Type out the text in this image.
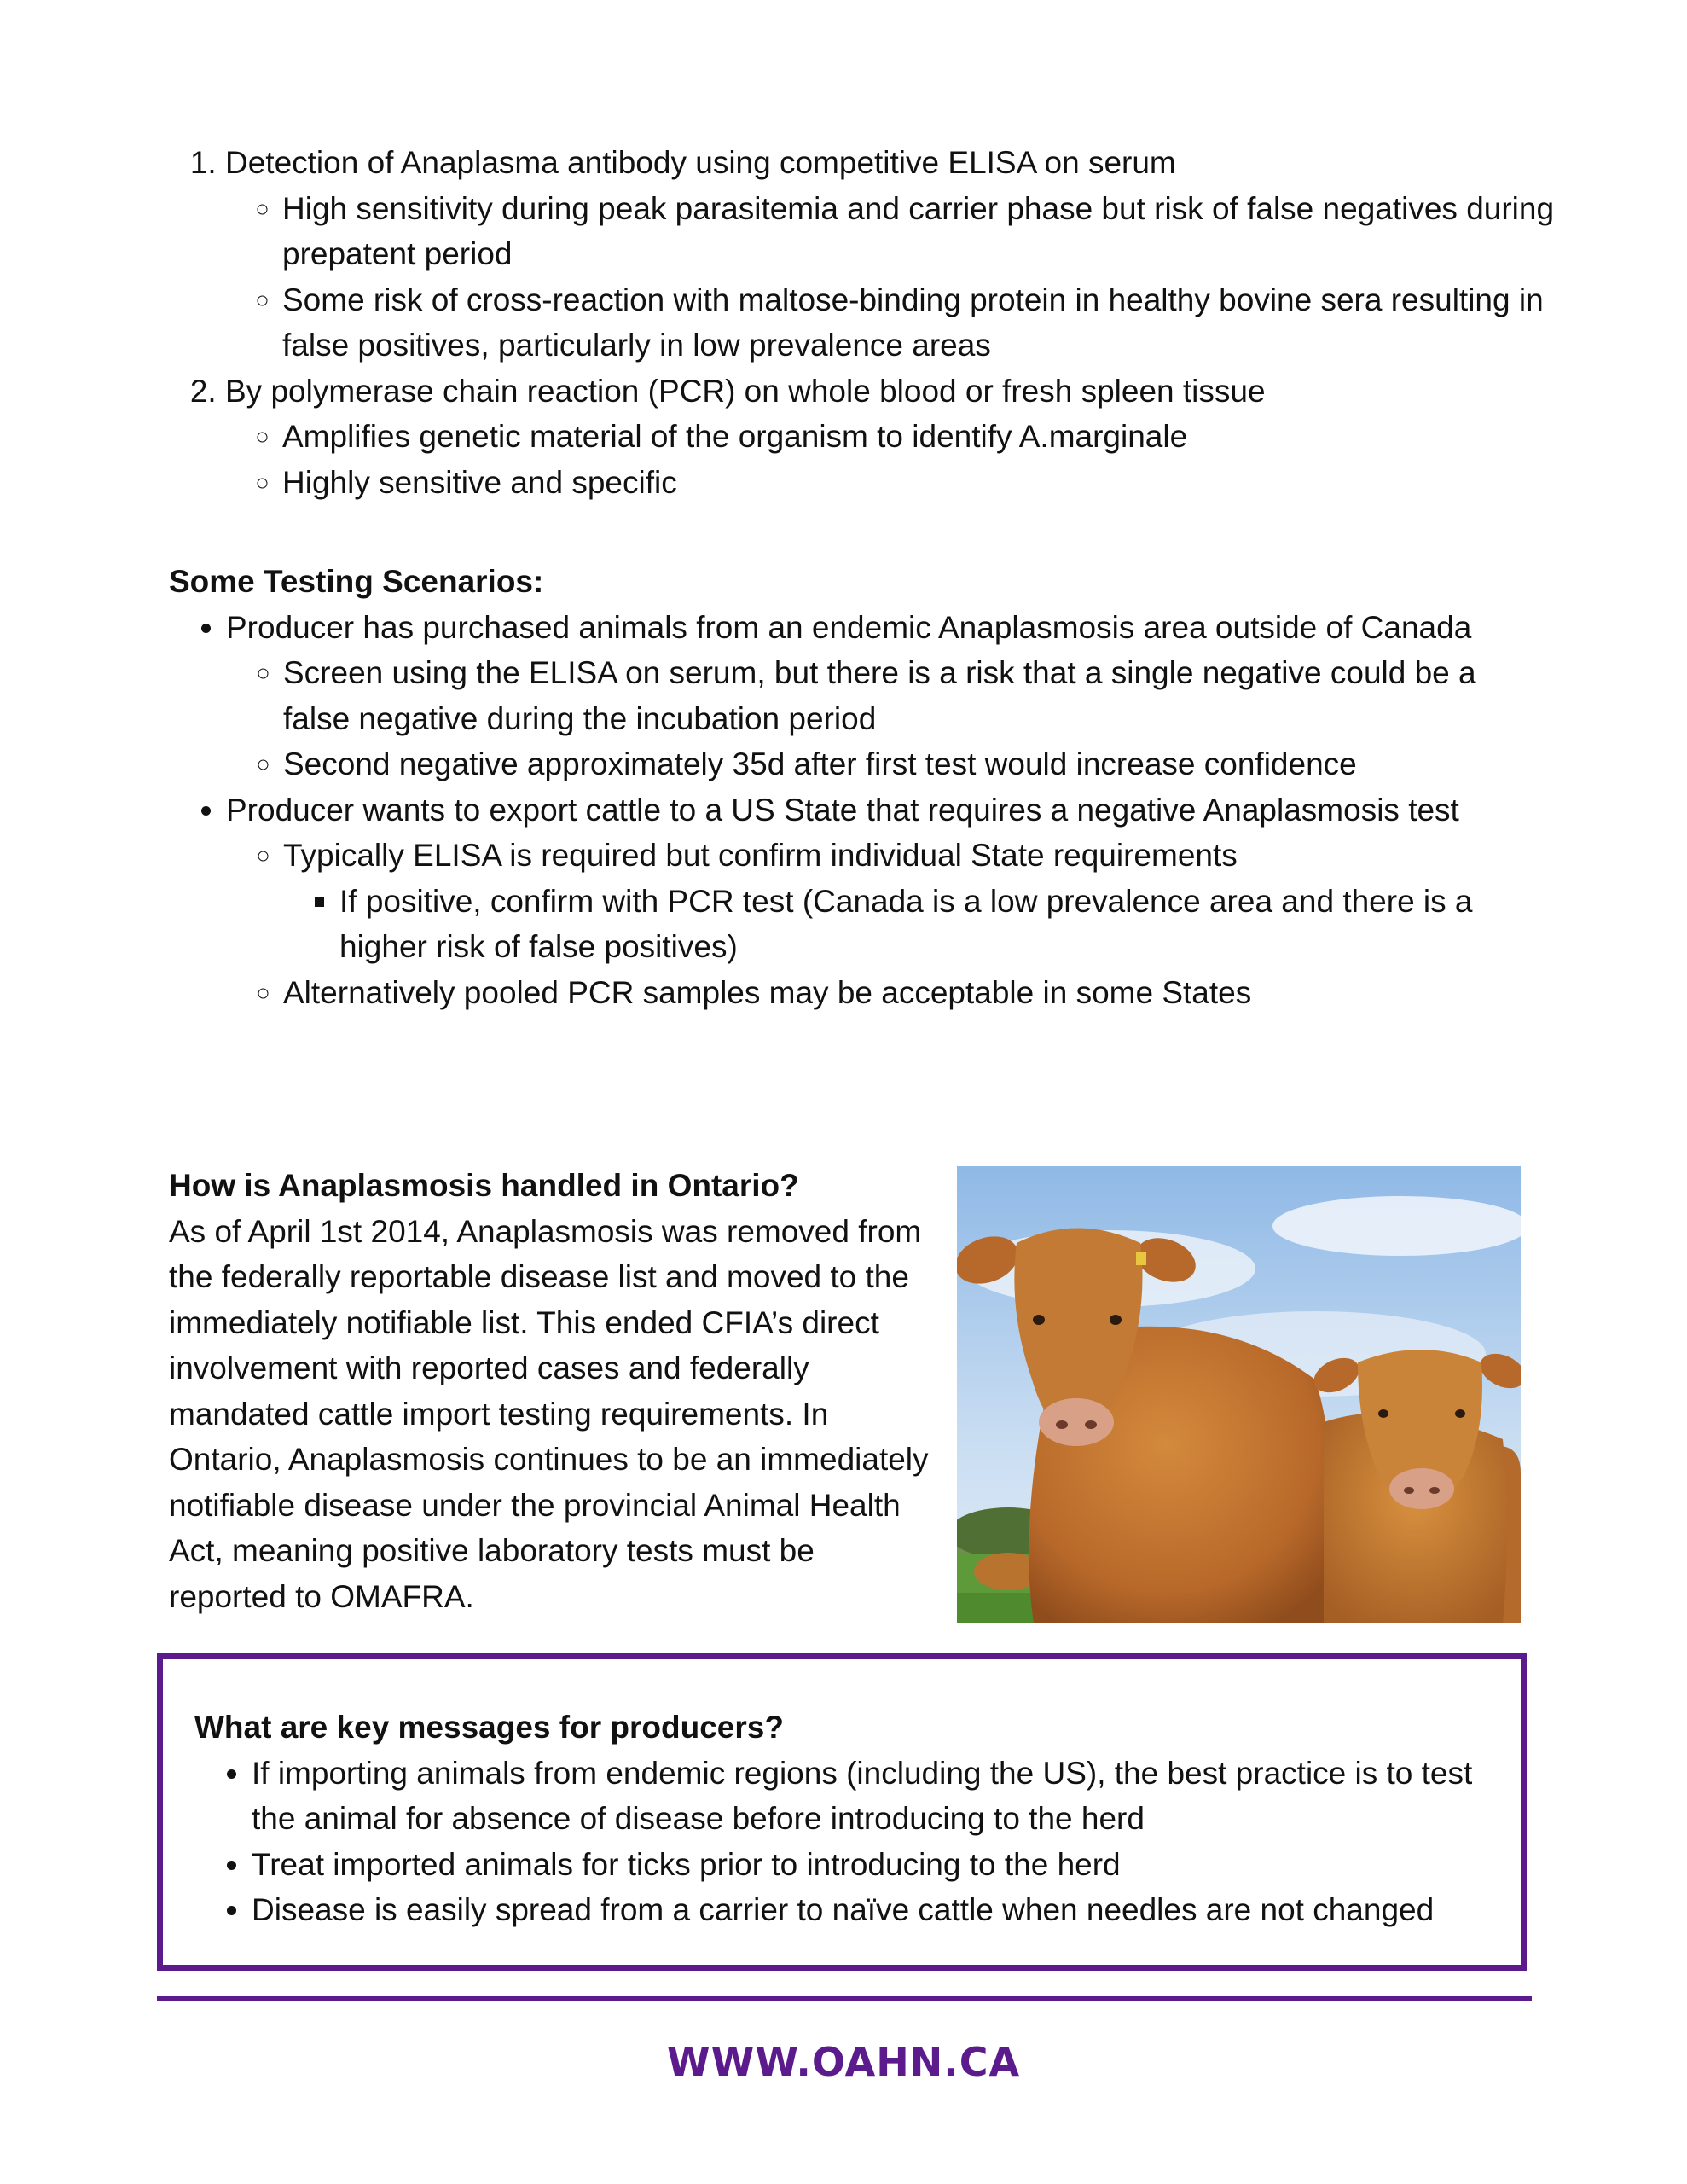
1. Detection of Anaplasma antibody using competitive ELISA on serum
◦ High sensitivity during peak parasitemia and carrier phase but risk of false negatives during prepatent period
◦ Some risk of cross-reaction with maltose-binding protein in healthy bovine sera resulting in false positives, particularly in low prevalence areas
2. By polymerase chain reaction (PCR) on whole blood or fresh spleen tissue
◦ Amplifies genetic material of the organism to identify A.marginale
◦ Highly sensitive and specific

Some Testing Scenarios:

• Producer has purchased animals from an endemic Anaplasmosis area outside of Canada
◦ Screen using the ELISA on serum, but there is a risk that a single negative could be a false negative during the incubation period
◦ Second negative approximately 35d after first test would increase confidence
• Producer wants to export cattle to a US State that requires a negative Anaplasmosis test
◦ Typically ELISA is required but confirm individual State requirements
▪ If positive, confirm with PCR test (Canada is a low prevalence area and there is a higher risk of false positives)
◦ Alternatively pooled PCR samples may be acceptable in some States

How is Anaplasmosis handled in Ontario?

As of April 1st 2014, Anaplasmosis was removed from the federally reportable disease list and moved to the immediately notifiable list. This ended CFIA’s direct involvement with reported cases and federally mandated cattle import testing requirements. In Ontario, Anaplasmosis continues to be an immediately notifiable disease under the provincial Animal Health Act, meaning positive laboratory tests must be reported to OMAFRA.

What are key messages for producers?

• If importing animals from endemic regions (including the US), the best practice is to test the animal for absence of disease before introducing to the herd
• Treat imported animals for ticks prior to introducing to the herd
• Disease is easily spread from a carrier to naïve cattle when needles are not changed
WWW.OAHN.CA
